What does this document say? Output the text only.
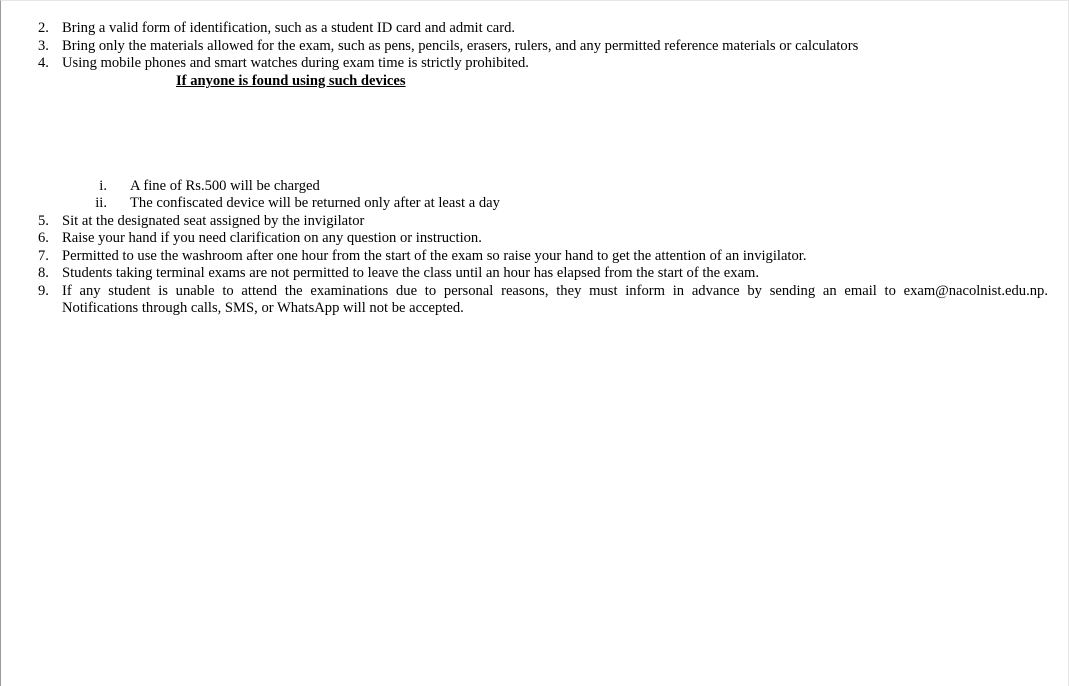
2. Bring a valid form of identification, such as a student ID card and admit card.
3. Bring only the materials allowed for the exam, such as pens, pencils, erasers, rulers, and any permitted reference materials or calculators
4. Using mobile phones and smart watches during exam time is strictly prohibited.
If anyone is found using such devices
i. A fine of Rs.500 will be charged
ii. The confiscated device will be returned only after at least a day
5. Sit at the designated seat assigned by the invigilator
6. Raise your hand if you need clarification on any question or instruction.
7. Permitted to use the washroom after one hour from the start of the exam so raise your hand to get the attention of an invigilator.
8. Students taking terminal exams are not permitted to leave the class until an hour has elapsed from the start of the exam.
9. If any student is unable to attend the examinations due to personal reasons, they must inform in advance by sending an email to exam@nacolnist.edu.np.
Notifications through calls, SMS, or WhatsApp will not be accepted.
